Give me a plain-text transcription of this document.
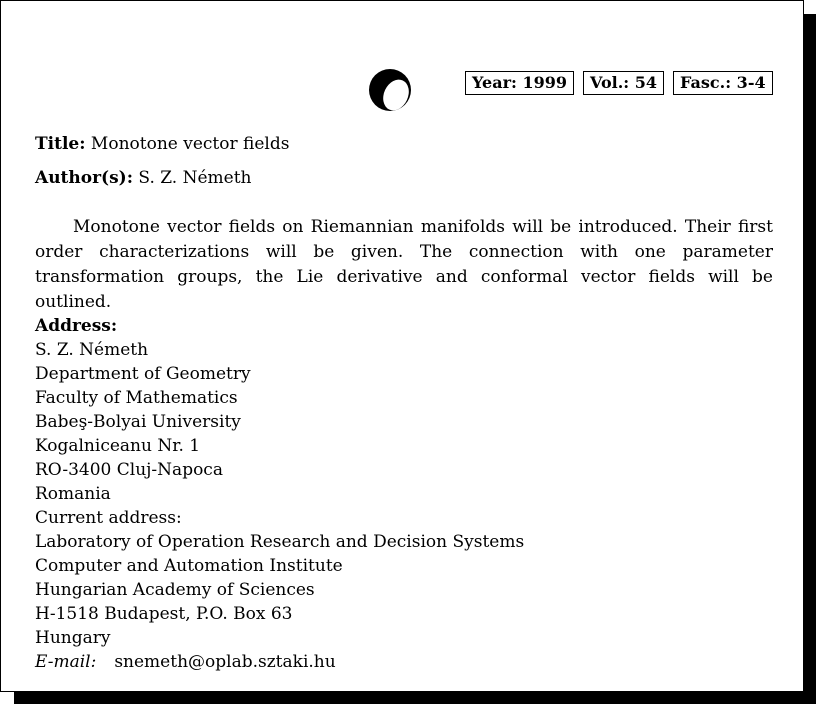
Year: 1999	Vol.: 54	Fasc.: 3-4
Title: Monotone vector fields
Author(s): S. Z. Németh
Monotone vector fields on Riemannian manifolds will be introduced. Their first order characterizations will be given. The connection with one parameter transformation groups, the Lie derivative and conformal vector fields will be outlined.
Address:
S. Z. Németh
Department of Geometry
Faculty of Mathematics
Babeş-Bolyai University
Kogalniceanu Nr. 1
RO-3400 Cluj-Napoca
Romania
Current address:
Laboratory of Operation Research and Decision Systems
Computer and Automation Institute
Hungarian Academy of Sciences
H-1518 Budapest, P.O. Box 63
Hungary
E-mail: snemeth@oplab.sztaki.hu
